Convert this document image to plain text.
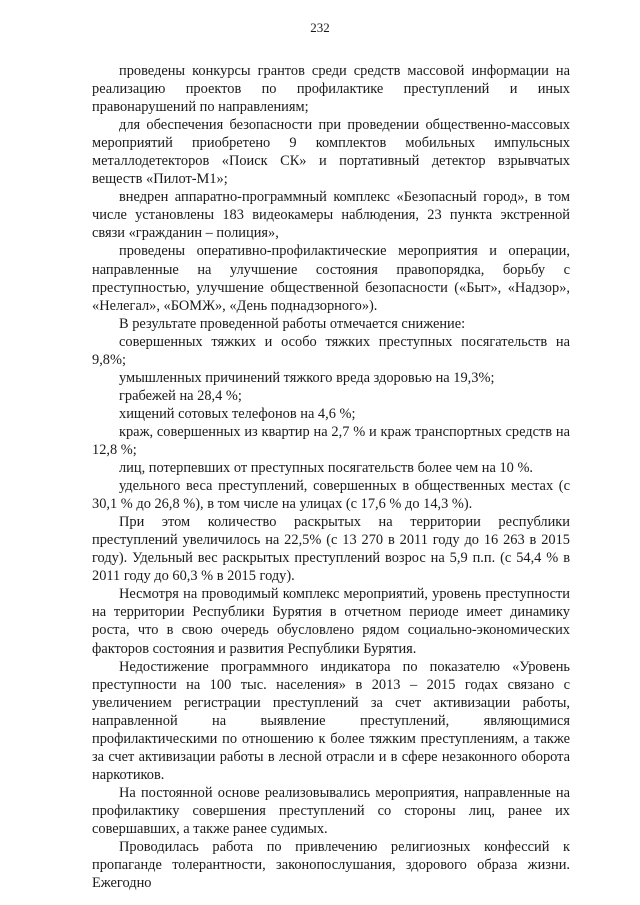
232

проведены конкурсы грантов среди средств массовой информации на реализацию проектов по профилактике преступлений и иных правонарушений по направлениям;

для обеспечения безопасности при проведении общественно-массовых мероприятий приобретено 9 комплектов мобильных импульсных металлодетекторов «Поиск СК» и портативный детектор взрывчатых веществ «Пилот-М1»;

внедрен аппаратно-программный комплекс «Безопасный город», в том числе установлены 183 видеокамеры наблюдения, 23 пункта экстренной связи «гражданин – полиция»,

проведены оперативно-профилактические мероприятия и операции, направленные на улучшение состояния правопорядка, борьбу с преступностью, улучшение общественной безопасности («Быт», «Надзор», «Нелегал», «БОМЖ», «День поднадзорного»).

В результате проведенной работы отмечается снижение:

совершенных тяжких и особо тяжких преступных посягательств на 9,8%;

умышленных причинений тяжкого вреда здоровью на 19,3%;

грабежей на 28,4 %;

хищений сотовых телефонов на 4,6 %;

краж, совершенных из квартир на 2,7 % и краж транспортных средств на 12,8 %;

лиц, потерпевших от преступных посягательств более чем на 10 %.

удельного веса преступлений, совершенных в общественных местах (с 30,1 % до 26,8 %), в том числе на улицах (с 17,6 % до 14,3 %).

При этом количество раскрытых на территории республики преступлений увеличилось на 22,5% (с 13 270 в 2011 году до 16 263 в 2015 году). Удельный вес раскрытых преступлений возрос на 5,9 п.п. (с 54,4 % в 2011 году до 60,3 % в 2015 году).

Несмотря на проводимый комплекс мероприятий, уровень преступности на территории Республики Бурятия в отчетном периоде имеет динамику роста, что в свою очередь обусловлено рядом социально-экономических факторов состояния и развития Республики Бурятия.

Недостижение программного индикатора по показателю «Уровень преступности на 100 тыс. населения» в 2013 – 2015 годах связано с увеличением регистрации преступлений за счет активизации работы, направленной на выявление преступлений, являющимися профилактическими по отношению к более тяжким преступлениям, а также за счет активизации работы в лесной отрасли и в сфере незаконного оборота наркотиков.

На постоянной основе реализовывались мероприятия, направленные на профилактику совершения преступлений со стороны лиц, ранее их совершавших, а также ранее судимых.

Проводилась работа по привлечению религиозных конфессий к пропаганде толерантности, законопослушания, здорового образа жизни. Ежегодно
